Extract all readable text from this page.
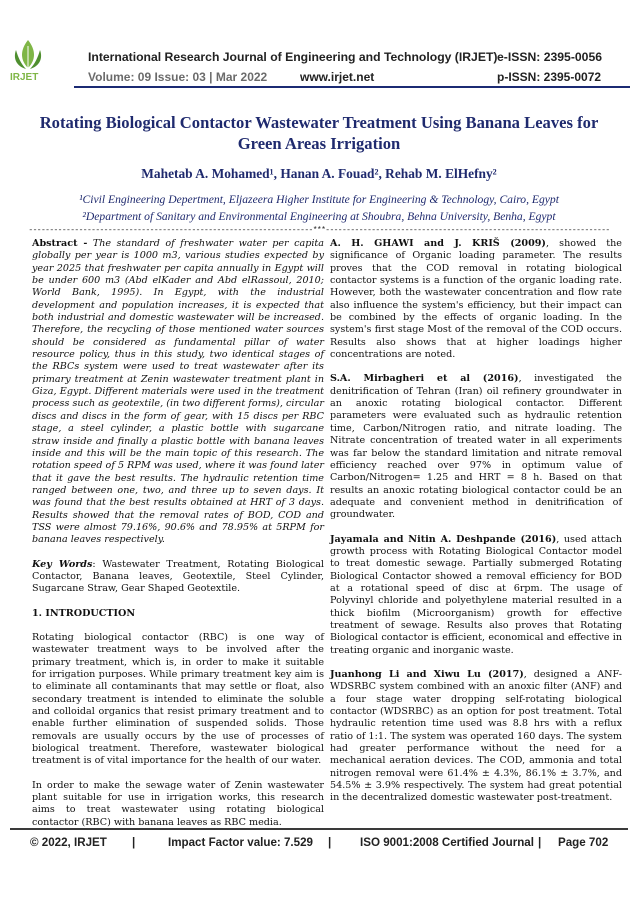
IRJET
International Research Journal of Engineering and Technology (IRJET) e-ISSN: 2395-0056
Volume: 09 Issue: 03 | Mar 2022	www.irjet.net	p-ISSN: 2395-0072
Rotating Biological Contactor Wastewater Treatment Using Banana Leaves for Green Areas Irrigation
Mahetab A. Mohamed¹, Hanan A. Fouad², Rehab M. ElHefny²
¹Civil Engineering Depertment, Eljazeera Higher Institute for Engineering & Technology, Cairo, Egypt
²Department of Sanitary and Environmental Engineering at Shoubra, Behna University, Benha, Egypt
--------------------------------------------------------------------***--------------------------------------------------------------------

Abstract - The standard of freshwater water per capita globally per year is 1000 m3, various studies expected by year 2025 that freshwater per capita annually in Egypt will be under 600 m3 (Abd elKader and Abd elRassoul, 2010; World Bank, 1995). In Egypt, with the industrial development and population increases, it is expected that both industrial and domestic wastewater will be increased. Therefore, the recycling of those mentioned water sources should be considered as fundamental pillar of water resource policy, thus in this study, two identical stages of the RBCs system were used to treat wastewater after its primary treatment at Zenin wastewater treatment plant in Giza, Egypt. Different materials were used in the treatment process such as geotextile, (in two different forms), circular discs and discs in the form of gear, with 15 discs per RBC stage, a steel cylinder, a plastic bottle with sugarcane straw inside and finally a plastic bottle with banana leaves inside and this will be the main topic of this research. The rotation speed of 5 RPM was used, where it was found later that it gave the best results. The hydraulic retention time ranged between one, two, and three up to seven days. It was found that the best results obtained at HRT of 3 days. Results showed that the removal rates of BOD, COD and TSS were almost 79.16%, 90.6% and 78.95% at 5RPM for banana leaves respectively.

Key Words: Wastewater Treatment, Rotating Biological Contactor, Banana leaves, Geotextile, Steel Cylinder, Sugarcane Straw, Gear Shaped Geotextile.

1. INTRODUCTION

Rotating biological contactor (RBC) is one way of wastewater treatment ways to be involved after the primary treatment, which is, in order to make it suitable for irrigation purposes. While primary treatment key aim is to eliminate all contaminants that may settle or float, also secondary treatment is intended to eliminate the soluble and colloidal organics that resist primary treatment and to enable further elimination of suspended solids. Those removals are usually occurs by the use of processes of biological treatment. Therefore, wastewater biological treatment is of vital importance for the health of our water.

In order to make the sewage water of Zenin wastewater plant suitable for use in irrigation works, this research aims to treat wastewater using rotating biological contactor (RBC) with banana leaves as RBC media.

A. H. GHAWI and J. KRIŠ (2009), showed the significance of Organic loading parameter. The results proves that the COD removal in rotating biological contactor systems is a function of the organic loading rate. However, both the wastewater concentration and flow rate also influence the system's efficiency, but their impact can be combined by the effects of organic loading. In the system's first stage Most of the removal of the COD occurs. Results also shows that at higher loadings higher concentrations are noted.

S.A. Mirbagheri et al (2016), investigated the denitrification of Tehran (Iran) oil refinery groundwater in an anoxic rotating biological contactor. Different parameters were evaluated such as hydraulic retention time, Carbon/Nitrogen ratio, and nitrate loading. The Nitrate concentration of treated water in all experiments was far below the standard limitation and nitrate removal efficiency reached over 97% in optimum value of Carbon/Nitrogen= 1.25 and HRT = 8 h. Based on that results an anoxic rotating biological contactor could be an adequate and convenient method in denitrification of groundwater.

Jayamala and Nitin A. Deshpande (2016), used attach growth process with Rotating Biological Contactor model to treat domestic sewage. Partially submerged Rotating Biological Contactor showed a removal efficiency for BOD at a rotational speed of disc at 6rpm. The usage of Polyvinyl chloride and polyethylene material resulted in a thick biofilm (Microorganism) growth for effective treatment of sewage. Results also proves that Rotating Biological contactor is efficient, economical and effective in treating organic and inorganic waste.

Juanhong Li and Xiwu Lu (2017), designed a ANF-WDSRBC system combined with an anoxic filter (ANF) and a four stage water dropping self-rotating biological contactor (WDSRBC) as an option for post treatment. Total hydraulic retention time used was 8.8 hrs with a reflux ratio of 1:1. The system was operated 160 days. The system had greater performance without the need for a mechanical aeration devices. The COD, ammonia and total nitrogen removal were 61.4% ± 4.3%, 86.1% ± 3.7%, and 54.5% ± 3.9% respectively. The system had great potential in the decentralized domestic wastewater post-treatment.

© 2022, IRJET |	Impact Factor value: 7.529 | ISO 9001:2008 Certified Journal | Page 702
